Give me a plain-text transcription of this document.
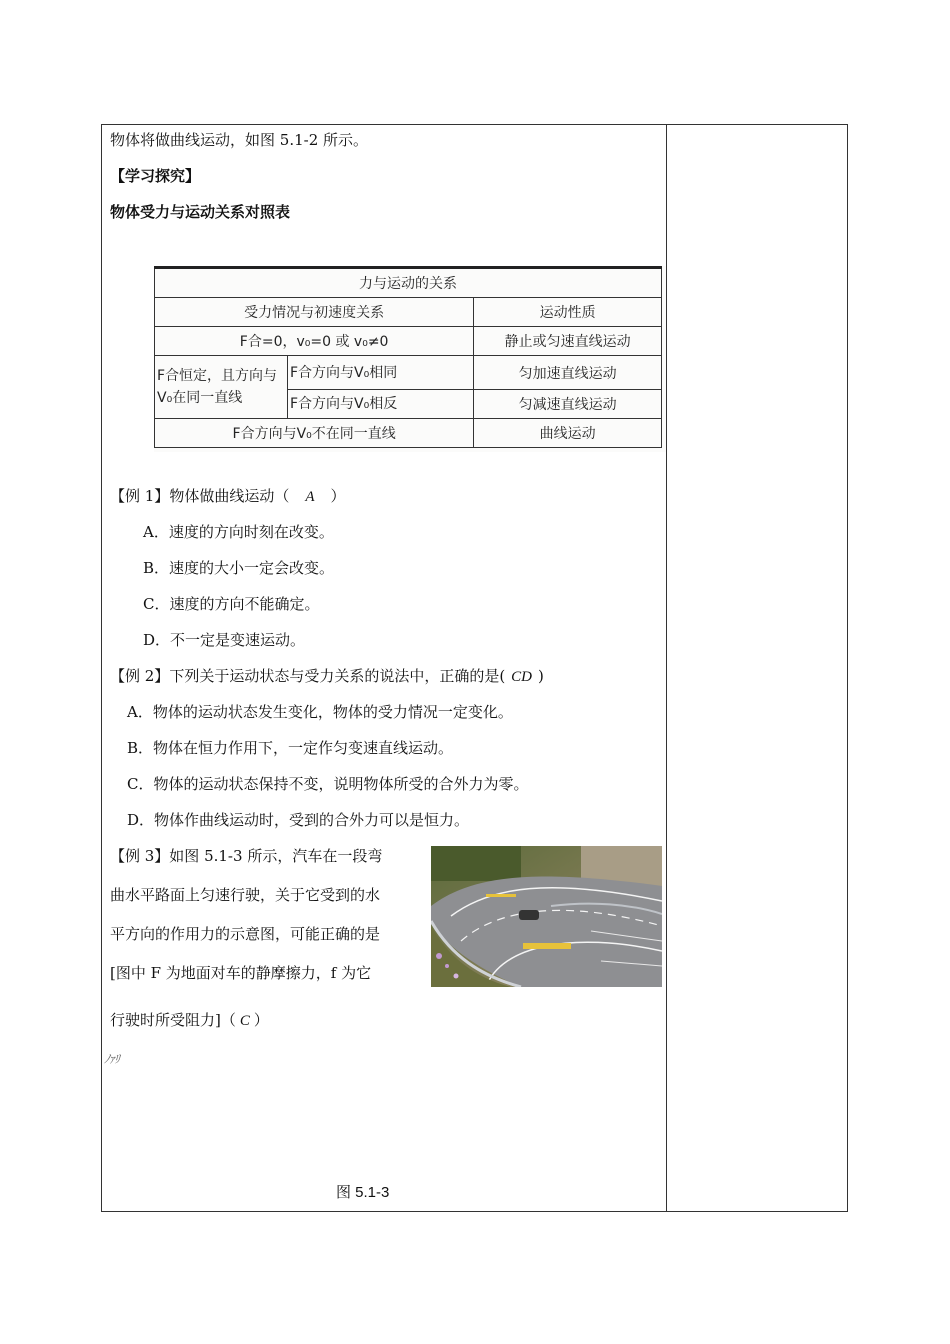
物体将做曲线运动，如图 5.1-2 所示。
【学习探究】
物体受力与运动关系对照表
力与运动的关系		
受力情况与初速度关系		运动性质
F合=0，v₀=0 或 v₀≠0		静止或匀速直线运动
F合恒定，且方向与V₀在同一直线	F合方向与V₀相同	匀加速直线运动
	F合方向与V₀相反	匀减速直线运动
F合方向与V₀不在同一直线		曲线运动
【例 1】物体做曲线运动（ A ）
A．速度的方向时刻在改变。
B．速度的大小一定会改变。
C．速度的方向不能确定。
D．不一定是变速运动。
【例 2】下列关于运动状态与受力关系的说法中，正确的是( CD )
A．物体的运动状态发生变化，物体的受力情况一定变化。
B．物体在恒力作用下，一定作匀变速直线运动。
C．物体的运动状态保持不变，说明物体所受的合外力为零。
D．物体作曲线运动时，受到的合外力可以是恒力。
【例 3】如图 5.1-3 所示，汽车在一段弯
曲水平路面上匀速行驶，关于它受到的水
平方向的作用力的示意图，可能正确的是
[图中 F 为地面对车的静摩擦力，f 为它
行驶时所受阻力]（ C ）
ﾉｧﾘ
图 5.1-3
